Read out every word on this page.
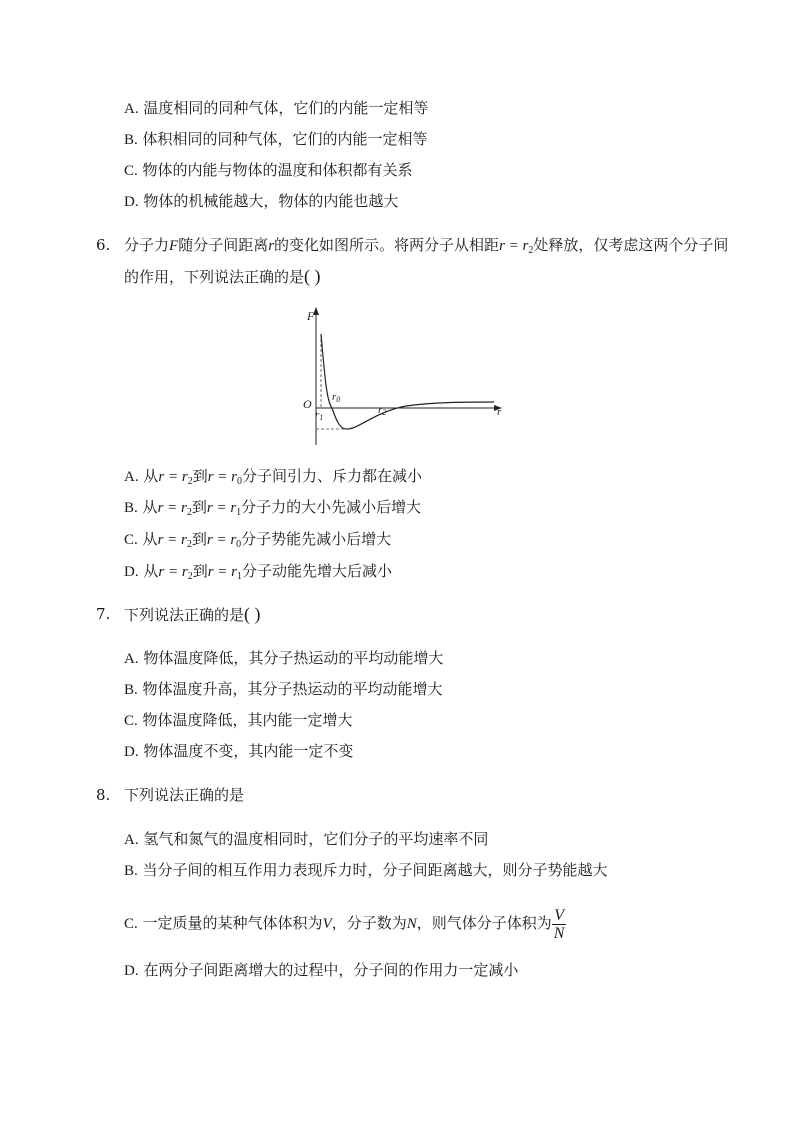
A. 温度相同的同种气体，它们的内能一定相等
B. 体积相同的同种气体，它们的内能一定相等
C. 物体的内能与物体的温度和体积都有关系
D. 物体的机械能越大，物体的内能也越大
6. 分子力F随分子间距离r的变化如图所示。将两分子从相距$r = r_2$处释放，仅考虑这两个分子间
的作用，下列说法正确的是( )
F
r
O r0
r1
r2
A. 从$r = r_2$到$r = r_0$分子间引力、斥力都在减小
B. 从$r = r_2$到$r = r_1$分子力的大小先减小后增大
C. 从$r = r_2$到$r = r_0$分子势能先减小后增大
D. 从$r = r_2$到$r = r_1$分子动能先增大后减小
7. 下列说法正确的是( )
A. 物体温度降低，其分子热运动的平均动能增大
B. 物体温度升高，其分子热运动的平均动能增大
C. 物体温度降低，其内能一定增大
D. 物体温度不变，其内能一定不变
8. 下列说法正确的是
A. 氢气和氮气的温度相同时，它们分子的平均速率不同
B. 当分子间的相互作用力表现斥力时，分子间距离越大，则分子势能越大
C. 一定质量的某种气体体积为V，分子数为N，则气体分子体积为 $\frac{V}{N}$
D. 在两分子间距离增大的过程中，分子间的作用力一定减小
